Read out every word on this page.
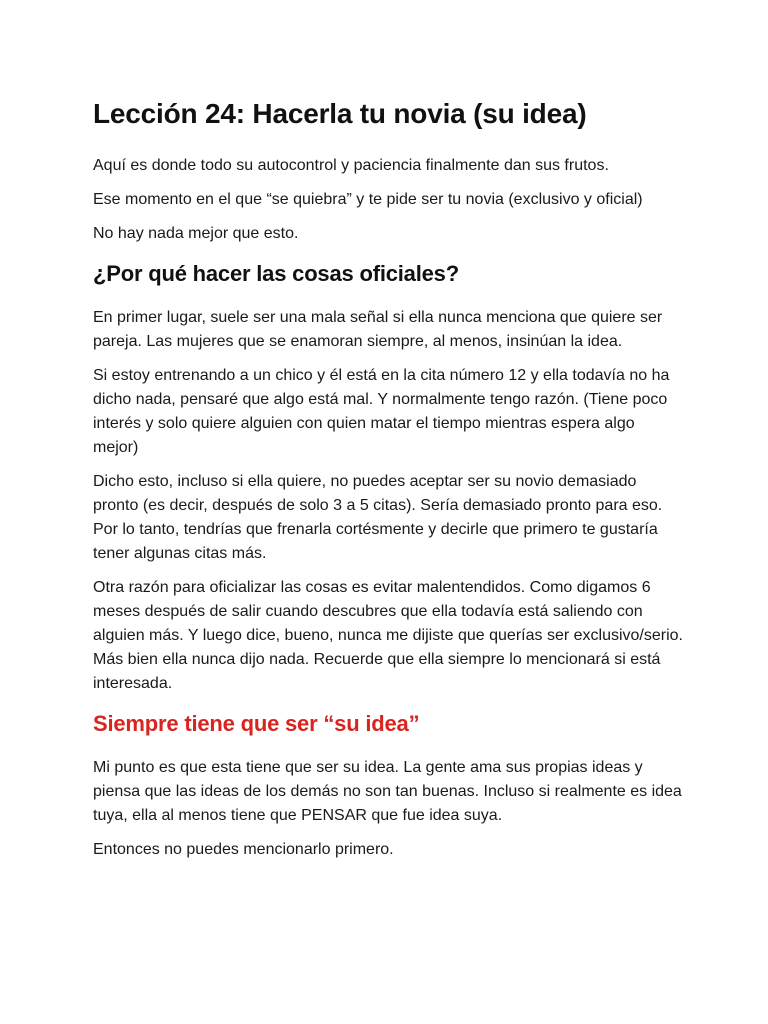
Lección 24: Hacerla tu novia (su idea)

Aquí es donde todo su autocontrol y paciencia finalmente dan sus frutos.

Ese momento en el que “se quiebra” y te pide ser tu novia (exclusivo y oficial)

No hay nada mejor que esto.

¿Por qué hacer las cosas oficiales?

En primer lugar, suele ser una mala señal si ella nunca menciona que quiere ser pareja. Las mujeres que se enamoran siempre, al menos, insinúan la idea.

Si estoy entrenando a un chico y él está en la cita número 12 y ella todavía no ha dicho nada, pensaré que algo está mal. Y normalmente tengo razón. (Tiene poco interés y solo quiere alguien con quien matar el tiempo mientras espera algo mejor)

Dicho esto, incluso si ella quiere, no puedes aceptar ser su novio demasiado pronto (es decir, después de solo 3 a 5 citas). Sería demasiado pronto para eso. Por lo tanto, tendrías que frenarla cortésmente y decirle que primero te gustaría tener algunas citas más.

Otra razón para oficializar las cosas es evitar malentendidos. Como digamos 6 meses después de salir cuando descubres que ella todavía está saliendo con alguien más. Y luego dice, bueno, nunca me dijiste que querías ser exclusivo/serio. Más bien ella nunca dijo nada. Recuerde que ella siempre lo mencionará si está interesada.

Siempre tiene que ser “su idea”

Mi punto es que esta tiene que ser su idea. La gente ama sus propias ideas y piensa que las ideas de los demás no son tan buenas. Incluso si realmente es idea tuya, ella al menos tiene que PENSAR que fue idea suya.

Entonces no puedes mencionarlo primero.
